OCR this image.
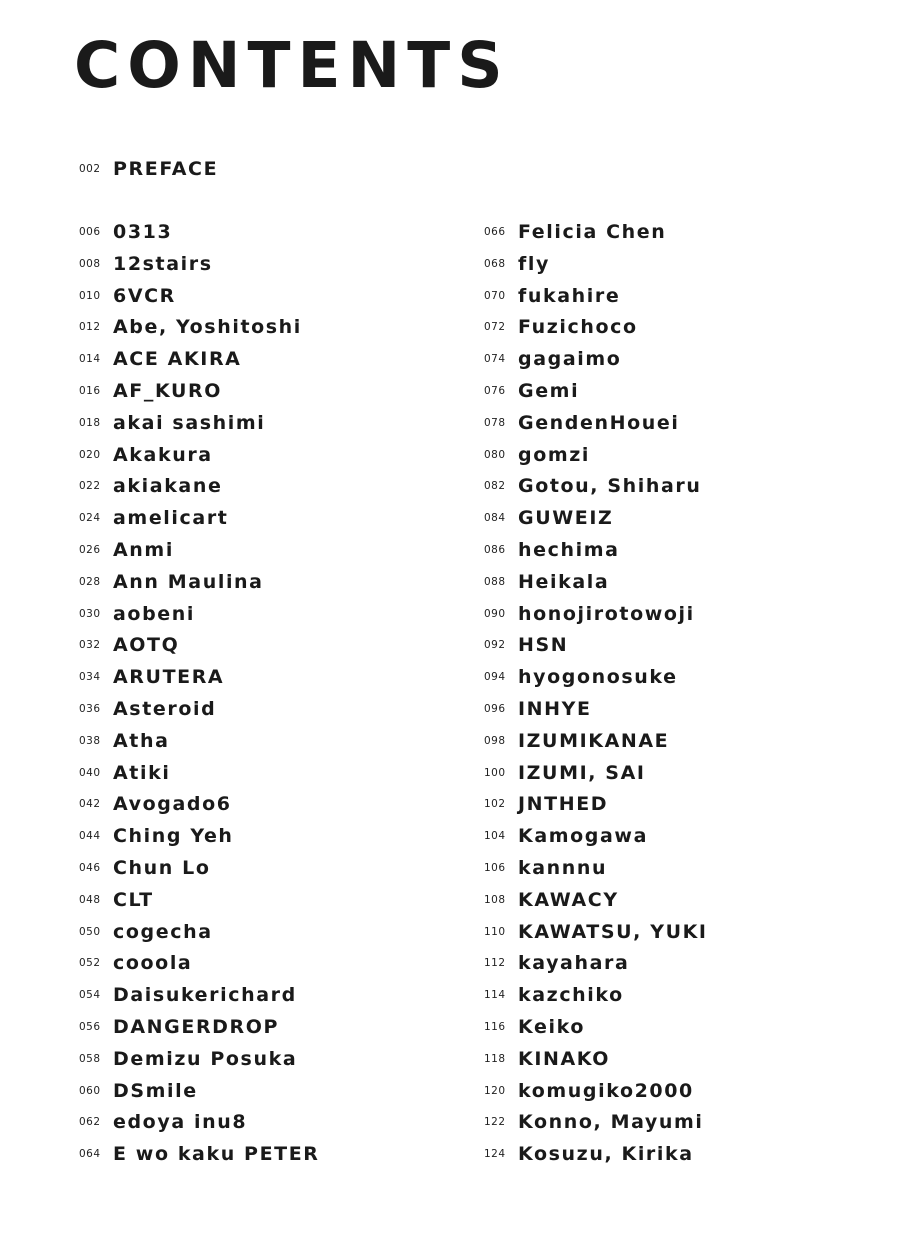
CONTENTS
002 PREFACE
006 0313
008 12stairs
010 6VCR
012 Abe, Yoshitoshi
014 ACE AKIRA
016 AF_KURO
018 akai sashimi
020 Akakura
022 akiakane
024 amelicart
026 Anmi
028 Ann Maulina
030 aobeni
032 AOTQ
034 ARUTERA
036 Asteroid
038 Atha
040 Atiki
042 Avogado6
044 Ching Yeh
046 Chun Lo
048 CLT
050 cogecha
052 cooola
054 Daisukerichard
056 DANGERDROP
058 Demizu Posuka
060 DSmile
062 edoya inu8
064 E wo kaku PETER
066 Felicia Chen
068 fly
070 fukahire
072 Fuzichoco
074 gagaimo
076 Gemi
078 GendenHouei
080 gomzi
082 Gotou, Shiharu
084 GUWEIZ
086 hechima
088 Heikala
090 honojirotowoji
092 HSN
094 hyogonosuke
096 INHYE
098 IZUMIKANAE
100 IZUMI, SAI
102 JNTHED
104 Kamogawa
106 kannnu
108 KAWACY
110 KAWATSU, YUKI
112 kayahara
114 kazchiko
116 Keiko
118 KINAKO
120 komugiko2000
122 Konno, Mayumi
124 Kosuzu, Kirika
